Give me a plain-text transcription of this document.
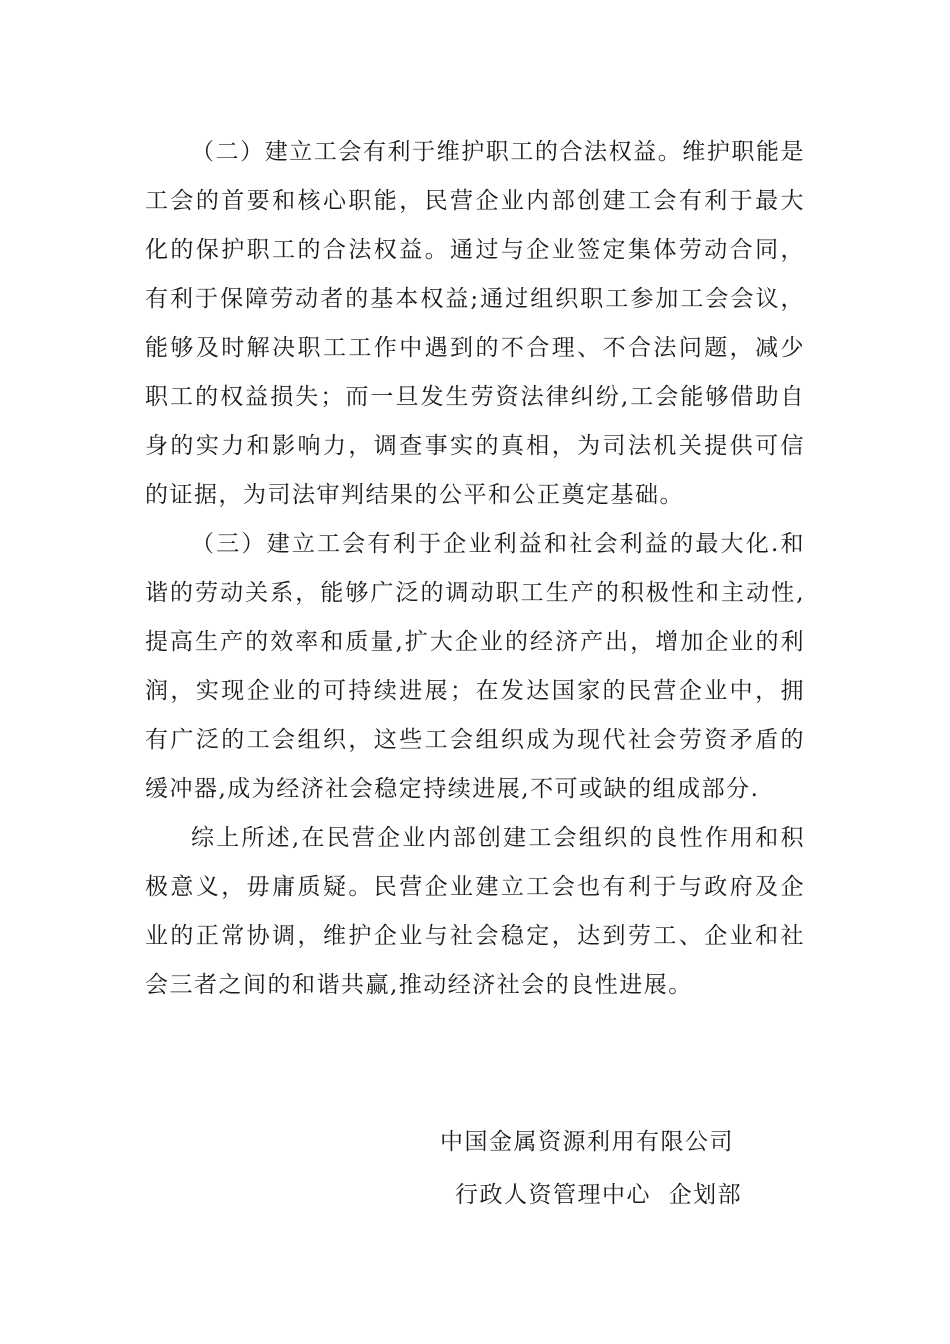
（二）建立工会有利于维护职工的合法权益。维护职能是工会的首要和核心职能，民营企业内部创建工会有利于最大化的保护职工的合法权益。通过与企业签定集体劳动合同，有利于保障劳动者的基本权益;通过组织职工参加工会会议，能够及时解决职工工作中遇到的不合理、不合法问题，减少职工的权益损失；而一旦发生劳资法律纠纷,工会能够借助自身的实力和影响力，调查事实的真相，为司法机关提供可信的证据，为司法审判结果的公平和公正奠定基础。

（三）建立工会有利于企业利益和社会利益的最大化.和谐的劳动关系，能够广泛的调动职工生产的积极性和主动性,提高生产的效率和质量,扩大企业的经济产出，增加企业的利润，实现企业的可持续进展；在发达国家的民营企业中，拥有广泛的工会组织，这些工会组织成为现代社会劳资矛盾的缓冲器,成为经济社会稳定持续进展,不可或缺的组成部分.

综上所述,在民营企业内部创建工会组织的良性作用和积极意义，毋庸质疑。民营企业建立工会也有利于与政府及企业的正常协调，维护企业与社会稳定，达到劳工、企业和社会三者之间的和谐共赢,推动经济社会的良性进展。

中国金属资源利用有限公司
行政人资管理中心  企划部
